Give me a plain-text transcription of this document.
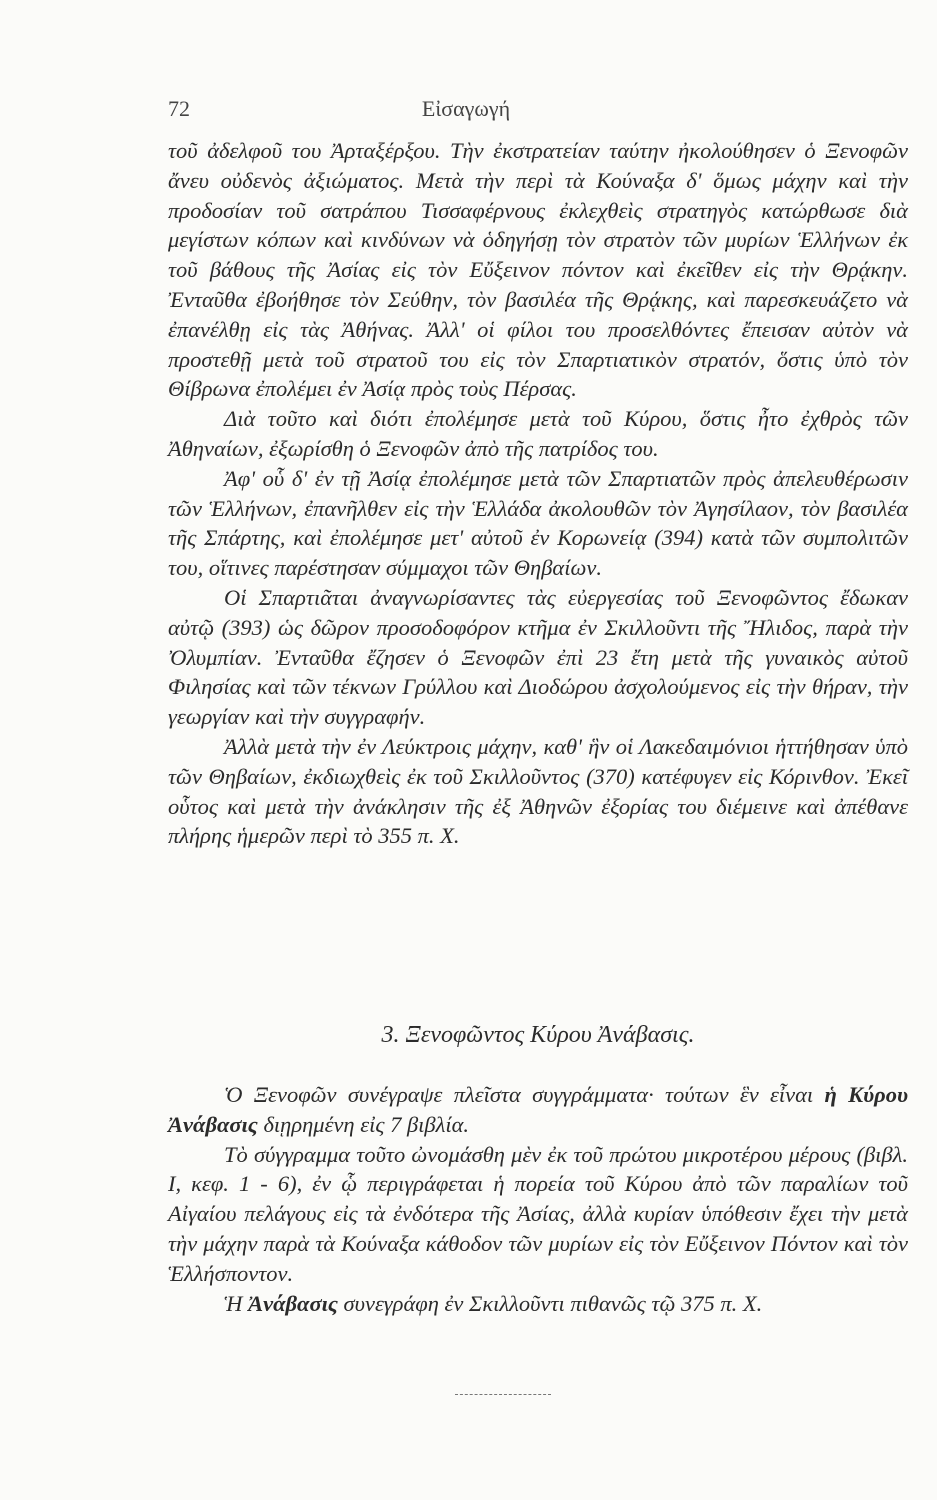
72	Εἰσαγωγή

τοῦ ἀδελφοῦ του Ἀρταξέρξου. Τὴν ἐκστρατείαν ταύτην ἠκολούθησεν ὁ Ξενοφῶν ἄνευ οὐδενὸς ἀξιώματος. Μετὰ τὴν περὶ τὰ Κούναξα δ' ὅμως μάχην καὶ τὴν προδοσίαν τοῦ σατράπου Τισσαφέρνους ἐκλεχθεὶς στρατηγὸς κατώρθωσε διὰ μεγίστων κόπων καὶ κινδύνων νὰ ὁδηγήσῃ τὸν στρατὸν τῶν μυρίων Ἑλλήνων ἐκ τοῦ βάθους τῆς Ἀσίας εἰς τὸν Εὔξεινον πόντον καὶ ἐκεῖθεν εἰς τὴν Θρᾴκην. Ἐνταῦθα ἐβοήθησε τὸν Σεύθην, τὸν βασιλέα τῆς Θρᾴκης, καὶ παρεσκευάζετο νὰ ἐπανέλθῃ εἰς τὰς Ἀθήνας. Ἀλλ' οἱ φίλοι του προσελθόντες ἔπεισαν αὐτὸν νὰ προστεθῇ μετὰ τοῦ στρατοῦ του εἰς τὸν Σπαρτιατικὸν στρατόν, ὅστις ὑπὸ τὸν Θίβρωνα ἐπολέμει ἐν Ἀσίᾳ πρὸς τοὺς Πέρσας.

Διὰ τοῦτο καὶ διότι ἐπολέμησε μετὰ τοῦ Κύρου, ὅστις ἦτο ἐχθρὸς τῶν Ἀθηναίων, ἐξωρίσθη ὁ Ξενοφῶν ἀπὸ τῆς πατρίδος του.

Ἀφ' οὗ δ' ἐν τῇ Ἀσίᾳ ἐπολέμησε μετὰ τῶν Σπαρτιατῶν πρὸς ἀπελευθέρωσιν τῶν Ἑλλήνων, ἐπανῆλθεν εἰς τὴν Ἑλλάδα ἀκολουθῶν τὸν Ἀγησίλαον, τὸν βασιλέα τῆς Σπάρτης, καὶ ἐπολέμησε μετ' αὐτοῦ ἐν Κορωνείᾳ (394) κατὰ τῶν συμπολιτῶν του, οἵτινες παρέστησαν σύμμαχοι τῶν Θηβαίων.

Οἱ Σπαρτιᾶται ἀναγνωρίσαντες τὰς εὐεργεσίας τοῦ Ξενοφῶντος ἔδωκαν αὐτῷ (393) ὡς δῶρον προσοδοφόρον κτῆμα ἐν Σκιλλοῦντι τῆς Ἤλιδος, παρὰ τὴν Ὀλυμπίαν. Ἐνταῦθα ἔζησεν ὁ Ξενοφῶν ἐπὶ 23 ἔτη μετὰ τῆς γυναικὸς αὐτοῦ Φιλησίας καὶ τῶν τέκνων Γρύλλου καὶ Διοδώρου ἀσχολούμενος εἰς τὴν θήραν, τὴν γεωργίαν καὶ τὴν συγγραφήν.

Ἀλλὰ μετὰ τὴν ἐν Λεύκτροις μάχην, καθ' ἣν οἱ Λακεδαιμόνιοι ἡττήθησαν ὑπὸ τῶν Θηβαίων, ἐκδιωχθεὶς ἐκ τοῦ Σκιλλοῦντος (370) κατέφυγεν εἰς Κόρινθον. Ἐκεῖ οὗτος καὶ μετὰ τὴν ἀνάκλησιν τῆς ἐξ Ἀθηνῶν ἐξορίας του διέμεινε καὶ ἀπέθανε πλήρης ἡμερῶν περὶ τὸ 355 π. Χ.

3. Ξενοφῶντος Κύρου Ἀνάβασις.

Ὁ Ξενοφῶν συνέγραψε πλεῖστα συγγράμματα· τούτων ἓν εἶναι ἡ Κύρου Ἀνάβασις διῃρημένη εἰς 7 βιβλία.

Τὸ σύγγραμμα τοῦτο ὠνομάσθη μὲν ἐκ τοῦ πρώτου μικροτέρου μέρους (βιβλ. Ι, κεφ. 1 - 6), ἐν ᾧ περιγράφεται ἡ πορεία τοῦ Κύρου ἀπὸ τῶν παραλίων τοῦ Αἰγαίου πελάγους εἰς τὰ ἐνδότερα τῆς Ἀσίας, ἀλλὰ κυρίαν ὑπόθεσιν ἔχει τὴν μετὰ τὴν μάχην παρὰ τὰ Κούναξα κάθοδον τῶν μυρίων εἰς τὸν Εὔξεινον Πόντον καὶ τὸν Ἑλλήσποντον.

Ἡ Ἀνάβασις συνεγράφη ἐν Σκιλλοῦντι πιθανῶς τῷ 375 π. Χ.
